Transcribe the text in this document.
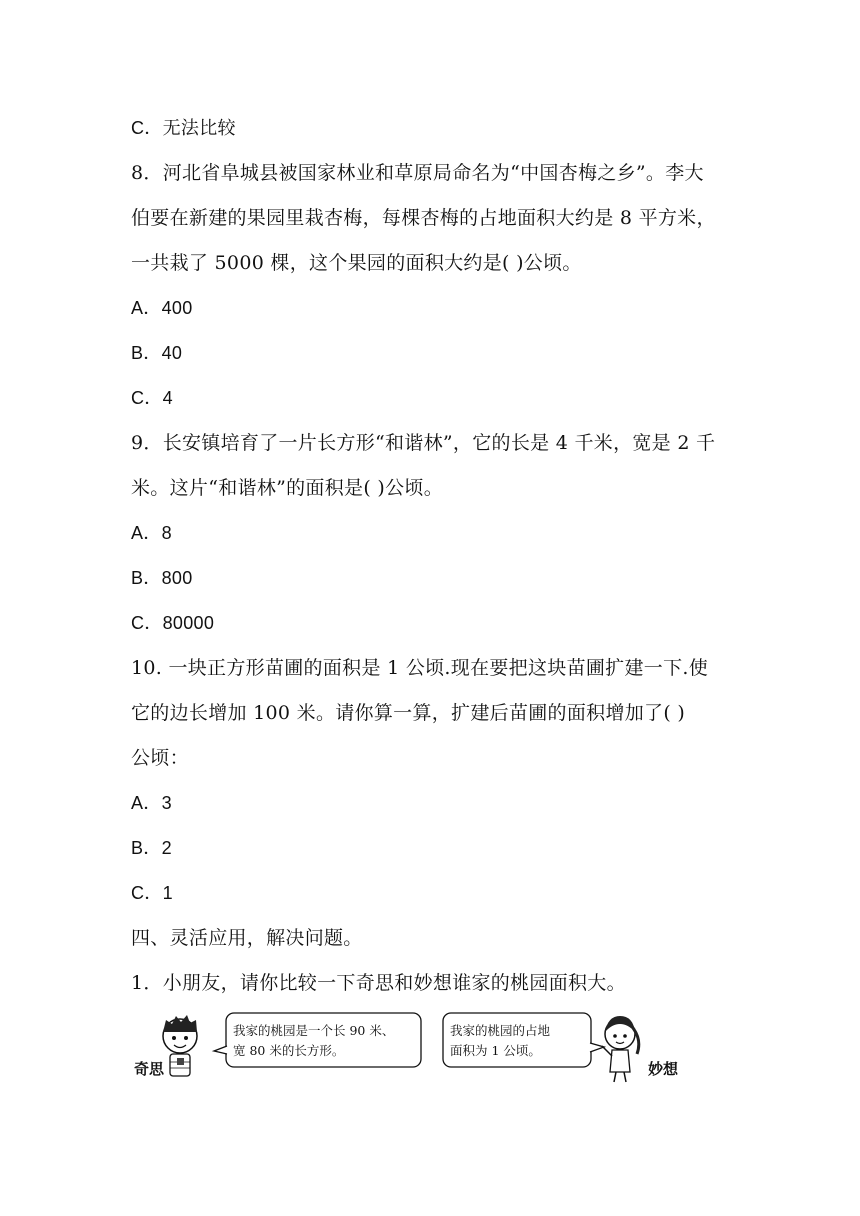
C．无法比较
8．河北省阜城县被国家林业和草原局命名为“中国杏梅之乡”。李大
伯要在新建的果园里栽杏梅，每棵杏梅的占地面积大约是 8 平方米，
一共栽了 5000 棵，这个果园的面积大约是( )公顷。
A．400
B．40
C．4
9．长安镇培育了一片长方形“和谐林”，它的长是 4 千米，宽是 2 千
米。这片“和谐林”的面积是( )公顷。
A．8
B．800
C．80000
10. 一块正方形苗圃的面积是 1 公顷.现在要把这块苗圃扩建一下.使
它的边长增加 100 米。请你算一算，扩建后苗圃的面积增加了( )
公顷：
A．3
B．2
C．1
四、灵活应用，解决问题。
1．小朋友，请你比较一下奇思和妙想谁家的桃园面积大。
奇思
我家的桃园是一个长 90 米、
宽 80 米的长方形。
我家的桃园的占地
面积为 1 公顷。
妙想
